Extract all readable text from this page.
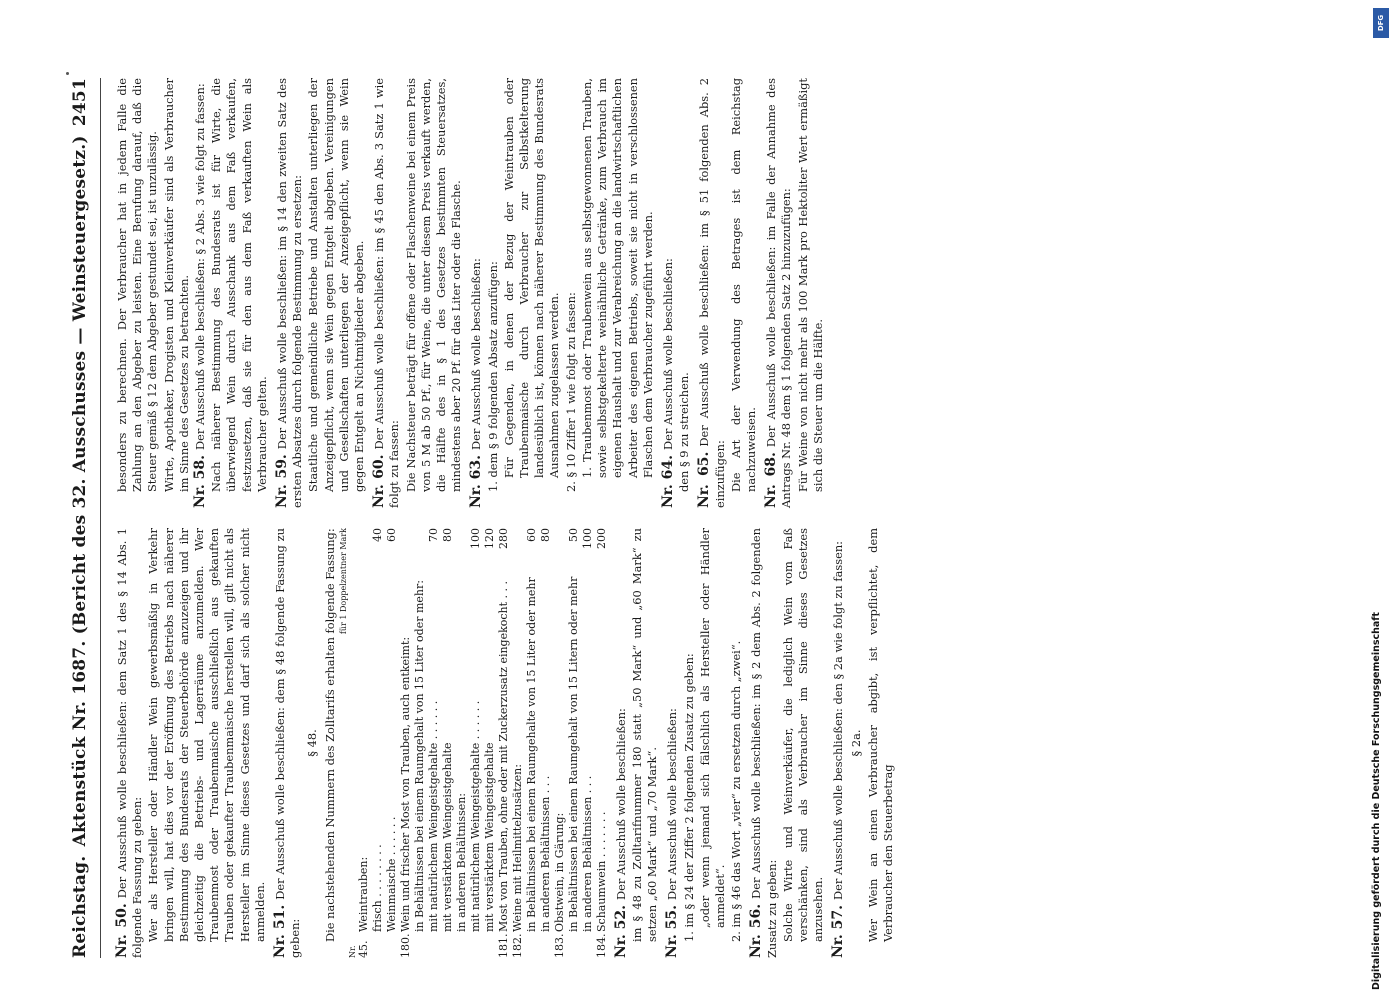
Reichstag.
Aktenstück Nr. 1687. (Bericht des 32. Ausschusses — Weinsteuergesetz.)
2451

Nr. 50.Der Ausschuß wolle beschließen: dem Satz 1 des § 14 Abs. 1 folgende Fassung zu geben: Wer als Hersteller oder Händler Wein gewerbsmäßig in Verkehr bringen will, hat dies vor der Eröffnung des Betriebs nach näherer Bestimmung des Bundesrats der Steuerbehörde anzuzeigen und ihr gleichzeitig die Betriebs- und Lagerräume anzumelden. Wer Traubenmost oder Traubenmaische ausschließlich aus gekauften Trauben oder gekaufter Traubenmaische herstellen will, gilt nicht als Hersteller im Sinne dieses Gesetzes und darf sich als solcher nicht anmelden. Nr. 51.Der Ausschuß wolle beschließen: dem § 48 folgende Fassung zu geben:

§ 48. Die nachstehenden Nummern des Zolltarifs erhalten folgende Fassung: für 1 Doppelzentner Mark
Nr. 45.	Weintrauben:	
	frisch . . . . . . . .	40
	Weinmaische . . . . . .	60
180.	Wein und frischer Most von Trauben, auch entkeimt:	
	in Behältnissen bei einem Raumgehalt von 15 Liter oder mehr:	
	mit natürlichem Weingeistgehalte . . . . . .	70
	mit verstärktem Weingeistgehalte	80
	in anderen Behältnissen:	
	mit natürlichem Weingeistgehalte . . . . . .	100
	mit verstärktem Weingeistgehalte	120
181.	Most von Trauben, ohne oder mit Zuckerzusatz eingekocht . . .	280
182.	Weine mit Heilmittelzusätzen:	
	in Behältnissen bei einem Raumgehalte von 15 Liter oder mehr	60
	in anderen Behältnissen . . .	80
183.	Obstwein, in Gärung:	
	in Behältnissen bei einem Raumgehalt von 15 Litern oder mehr	50
	in anderen Behältnissen . . .	100
184.	Schaumwein . . . . . . .	200

Nr. 52.Der Ausschuß wolle beschließen: im § 48 zu Zolltarifnummer 180 statt „50 Mark“ und „60 Mark“ zu setzen „60 Mark“ und „70 Mark“. Nr. 55.Der Ausschuß wolle beschließen: 1. im § 24 der Ziffer 2 folgenden Zusatz zu geben: „oder wenn jemand sich fälschlich als Hersteller oder Händler anmeldet“. 2. im § 46 das Wort „vier“ zu ersetzen durch „zwei“. Nr. 56.Der Ausschuß wolle beschließen: im § 2 dem Abs. 2 folgenden Zusatz zu geben: Solche Wirte und Weinverkäufer, die lediglich Wein vom Faß verschänken, sind als Verbraucher im Sinne dieses Gesetzes anzusehen. Nr. 57.Der Ausschuß wolle beschließen: den § 2a wie folgt zu fassen: § 2a. Wer Wein an einen Verbraucher abgibt, ist verpflichtet, dem Verbraucher den Steuerbetrag

besonders zu berechnen. Der Verbraucher hat in jedem Falle die Zahlung an den Abgeber zu leisten. Eine Berufung darauf, daß die Steuer gemäß § 12 dem Abgeber gestundet sei, ist unzulässig. Wirte, Apotheker, Drogisten und Kleinverkäufer sind als Verbraucher im Sinne des Gesetzes zu betrachten. Nr. 58.Der Ausschuß wolle beschließen: § 2 Abs. 3 wie folgt zu fassen: Nach näherer Bestimmung des Bundesrats ist für Wirte, die überwiegend Wein durch Ausschank aus dem Faß verkaufen, festzusetzen, daß sie für den aus dem Faß verkauften Wein als Verbraucher gelten. Nr. 59.Der Ausschuß wolle beschließen: im § 14 den zweiten Satz des ersten Absatzes durch folgende Bestimmung zu ersetzen: Staatliche und gemeindliche Betriebe und Anstalten unterliegen der Anzeigepflicht, wenn sie Wein gegen Entgelt abgeben. Vereinigungen und Gesellschaften unterliegen der Anzeigepflicht, wenn sie Wein gegen Entgelt an Nichtmitglieder abgeben. Nr. 60.Der Ausschuß wolle beschließen: im § 45 den Abs. 3 Satz 1 wie folgt zu fassen: Die Nachsteuer beträgt für offene oder Flaschenweine bei einem Preis von 5 M ab 50 Pf., für Weine, die unter diesem Preis verkauft werden, die Hälfte des in § 1 des Gesetzes bestimmten Steuersatzes, mindestens aber 20 Pf. für das Liter oder die Flasche. Nr. 63.Der Ausschuß wolle beschließen: 1. dem § 9 folgenden Absatz anzufügen: Für Gegenden, in denen der Bezug der Weintrauben oder Traubenmaische durch Verbraucher zur Selbstkelterung landesüblich ist, können nach näherer Bestimmung des Bundesrats Ausnahmen zugelassen werden. 2. § 10 Ziffer 1 wie folgt zu fassen: 1. Traubenmost oder Traubenwein aus selbstgewonnenen Trauben, sowie selbstgekelterte weinähnliche Getränke, zum Verbrauch im eigenen Haushalt und zur Verabreichung an die landwirtschaftlichen Arbeiter des eigenen Betriebs, soweit sie nicht in verschlossenen Flaschen dem Verbraucher zugeführt werden.

Nr. 64.Der Ausschuß wolle beschließen: den § 9 zu streichen. Nr. 65.Der Ausschuß wolle beschließen: im § 51 folgenden Abs. 2 einzufügen: Die Art der Verwendung des Betrages ist dem Reichstag nachzuweisen. Nr. 68.Der Ausschuß wolle beschließen: im Falle der Annahme des Antrags Nr. 48 dem § 1 folgenden Satz 2 hinzuzufügen: Für Weine von nicht mehr als 100 Mark pro Hektoliter Wert ermäßigt sich die Steuer um die Hälfte.

Digitalisierung gefördert durch die Deutsche Forschungsgemeinschaft
DFG
